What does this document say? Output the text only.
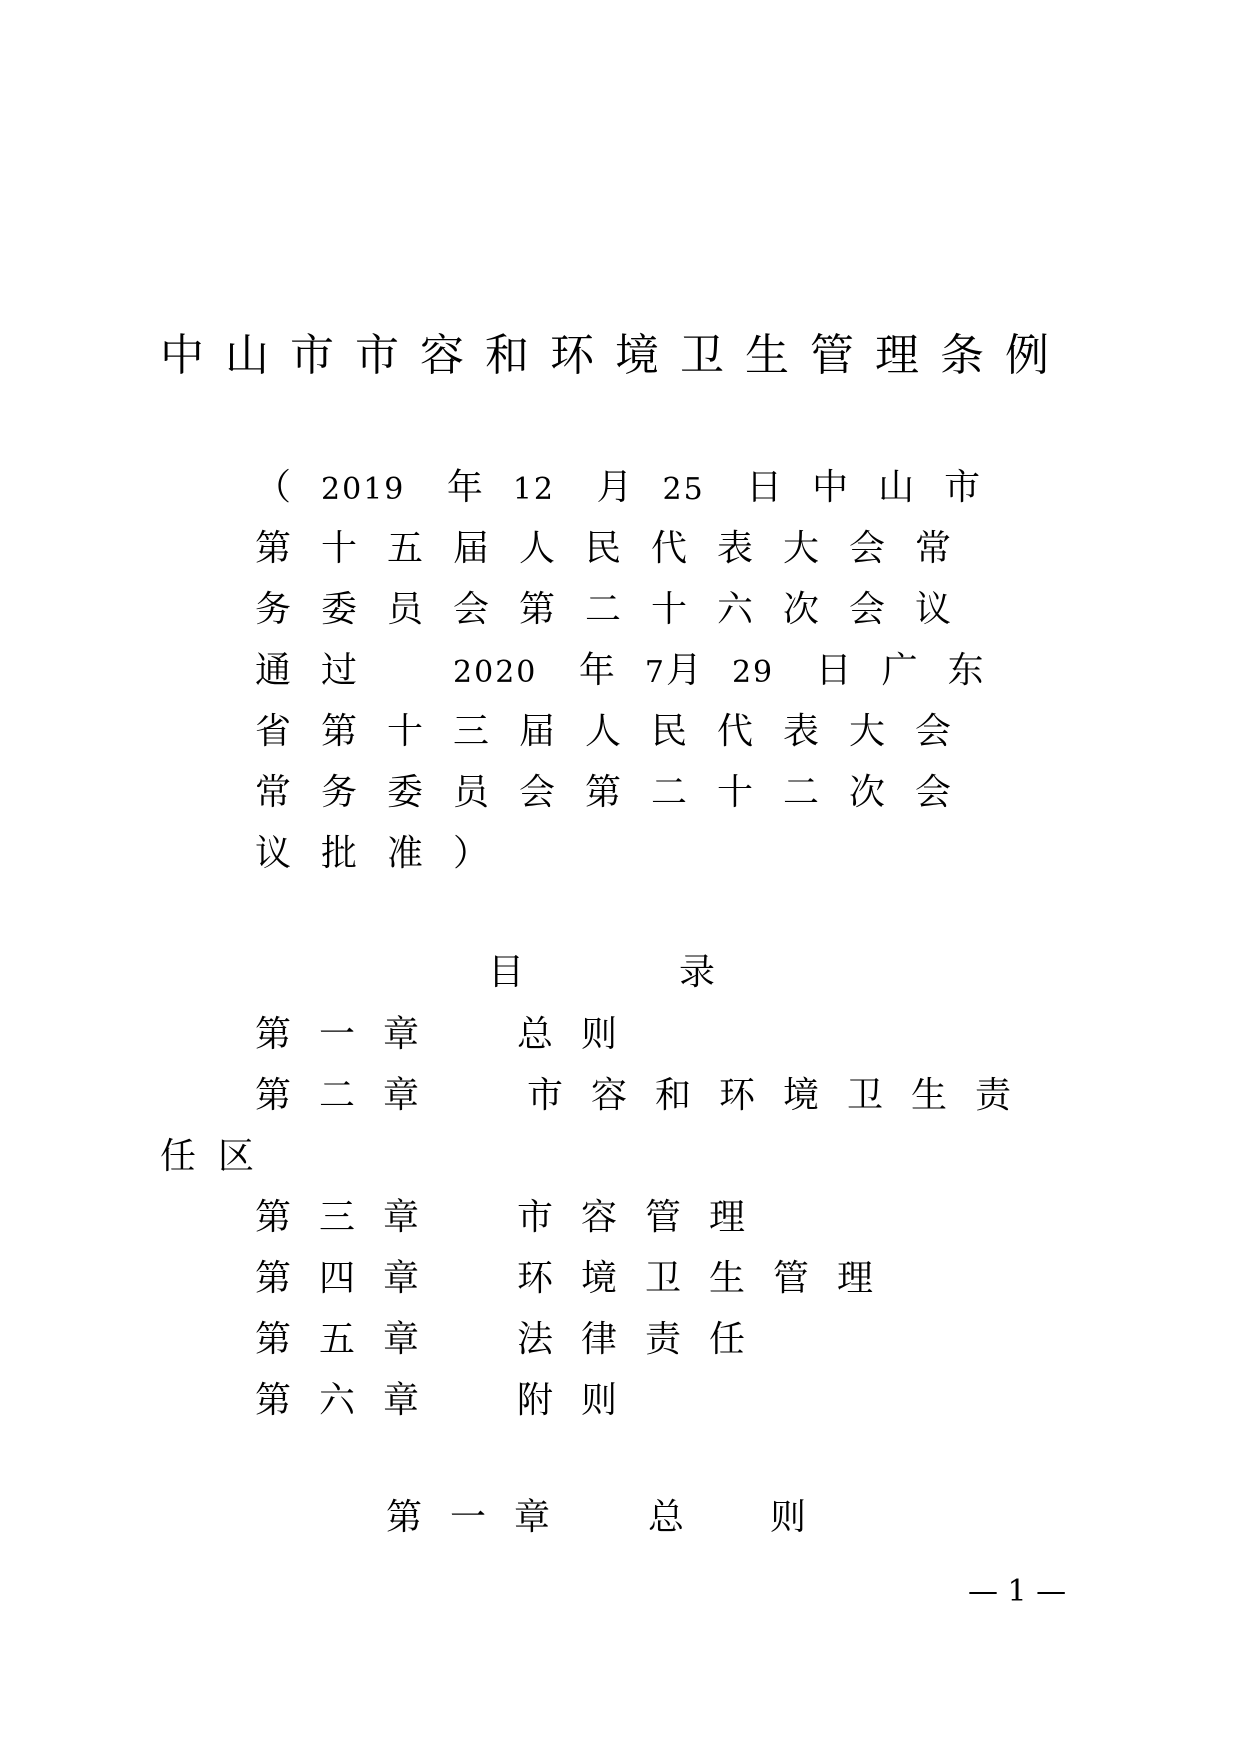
中山市市容和环境卫生管理条例
（2019 年12 月25 日中山市
第十五届人民代表大会常
务委员会第二十六次会议
通过  2020 年7月29 日广东
省第十三届人民代表大会
常务委员会第二十二次会
议批准）
目	录
第一章 总则
第二章 市容和环境卫生责
任区
第三章 市容管理
第四章 环境卫生管理
第五章 法律责任
第六章 附则
第一章 总 则
— 1 —
